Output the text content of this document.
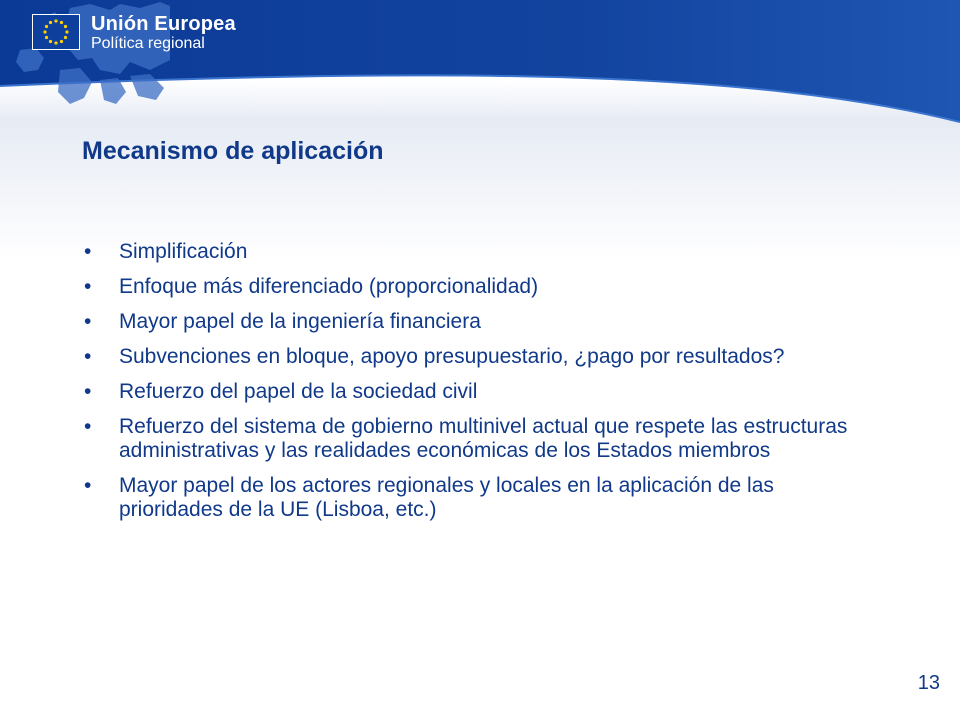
Unión Europea
Política regional
Mecanismo de aplicación
• Simplificación
• Enfoque más diferenciado (proporcionalidad)
• Mayor papel de la ingeniería financiera
• Subvenciones en bloque, apoyo presupuestario, ¿pago por resultados?
• Refuerzo del papel de la sociedad civil
• Refuerzo del sistema de gobierno multinivel actual que respete las estructuras administrativas y las realidades económicas de los Estados miembros
• Mayor papel de los actores regionales y locales en la aplicación de las prioridades de la UE (Lisboa, etc.)
13
